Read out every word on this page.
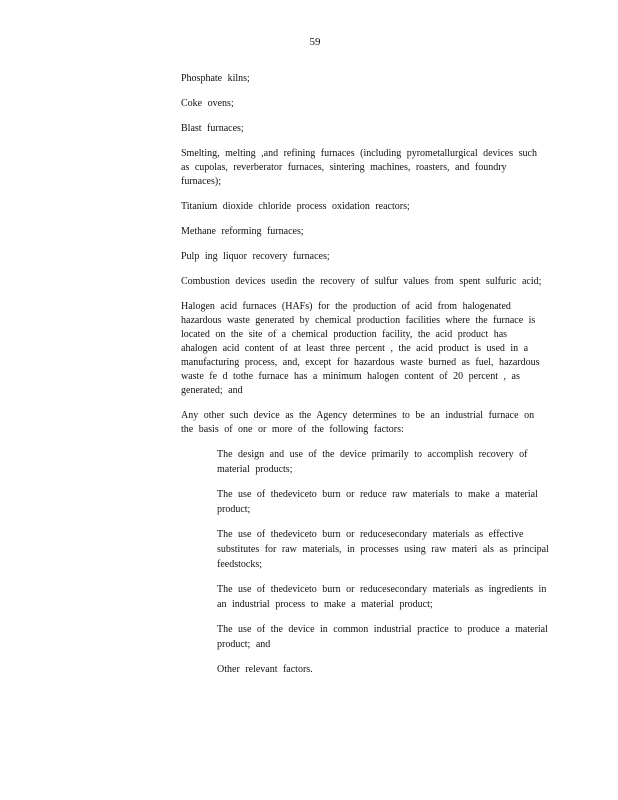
59

Phosphate kilns;

Coke ovens;

Blast furnaces;

Smelting, melting ,and refining furnaces (including pyrometallurgical devices such as cupolas, reverberator furnaces, sintering machines, roasters, and foundry furnaces);

Titanium dioxide chloride process oxidation reactors;

Methane reforming furnaces;

Pulp ing liquor recovery furnaces;

Combustion devices usedin the recovery of sulfur values from spent sulfuric acid;

Halogen acid furnaces (HAFs) for the production of acid from halogenated hazardous waste generated by chemical production facilities where the furnace is located on the site of a chemical production facility, the acid product has ahalogen acid content of at least three percent , the acid product is used in a manufacturing process, and, except for hazardous waste burned as fuel, hazardous waste fe d tothe furnace has a minimum halogen content of 20 percent , as generated; and

Any other such device as the Agency determines to be an industrial furnace on the basis of one or more of the following factors:

The design and use of the device primarily to accomplish recovery of material products;

The use of thedeviceto burn or reduce raw materials to make a material product;

The use of thedeviceto burn or reducesecondary materials as effective substitutes for raw materials, in processes using raw materi als as principal feedstocks;

The use of thedeviceto burn or reducesecondary materials as ingredients in an industrial process to make a material product;

The use of the device in common industrial practice to produce a material product; and

Other relevant factors.
